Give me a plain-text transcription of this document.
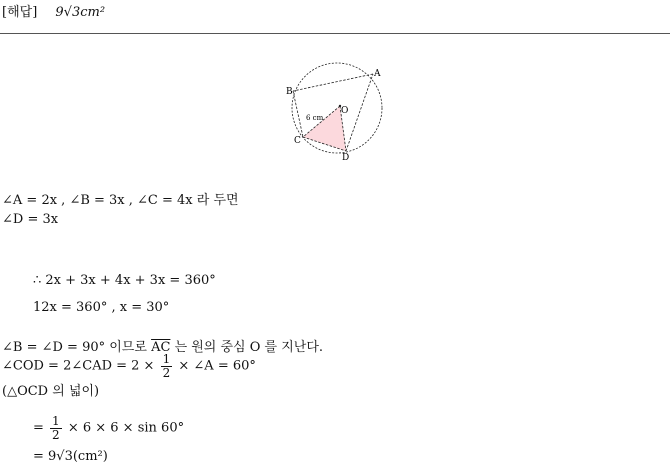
[해답] 9√3cm²
A
B
C
D
O
6 cm
∠A = 2x , ∠B = 3x , ∠C = 4x 라 두면
∠D = 3x
∴ 2x + 3x + 4x + 3x = 360°
12x = 360° , x = 30°
∠B = ∠D = 90° 이므로 $\overline{AC}$ 는 원의 중심 O 를 지난다.
∠COD = 2∠CAD = $2 \times \frac{1}{2}$ × ∠A = 60°
(△OCD 의 넓이)
= $\frac{1}{2} \times 6 \times 6 \times \sin 60^\circ$
= 9√3(cm²)
